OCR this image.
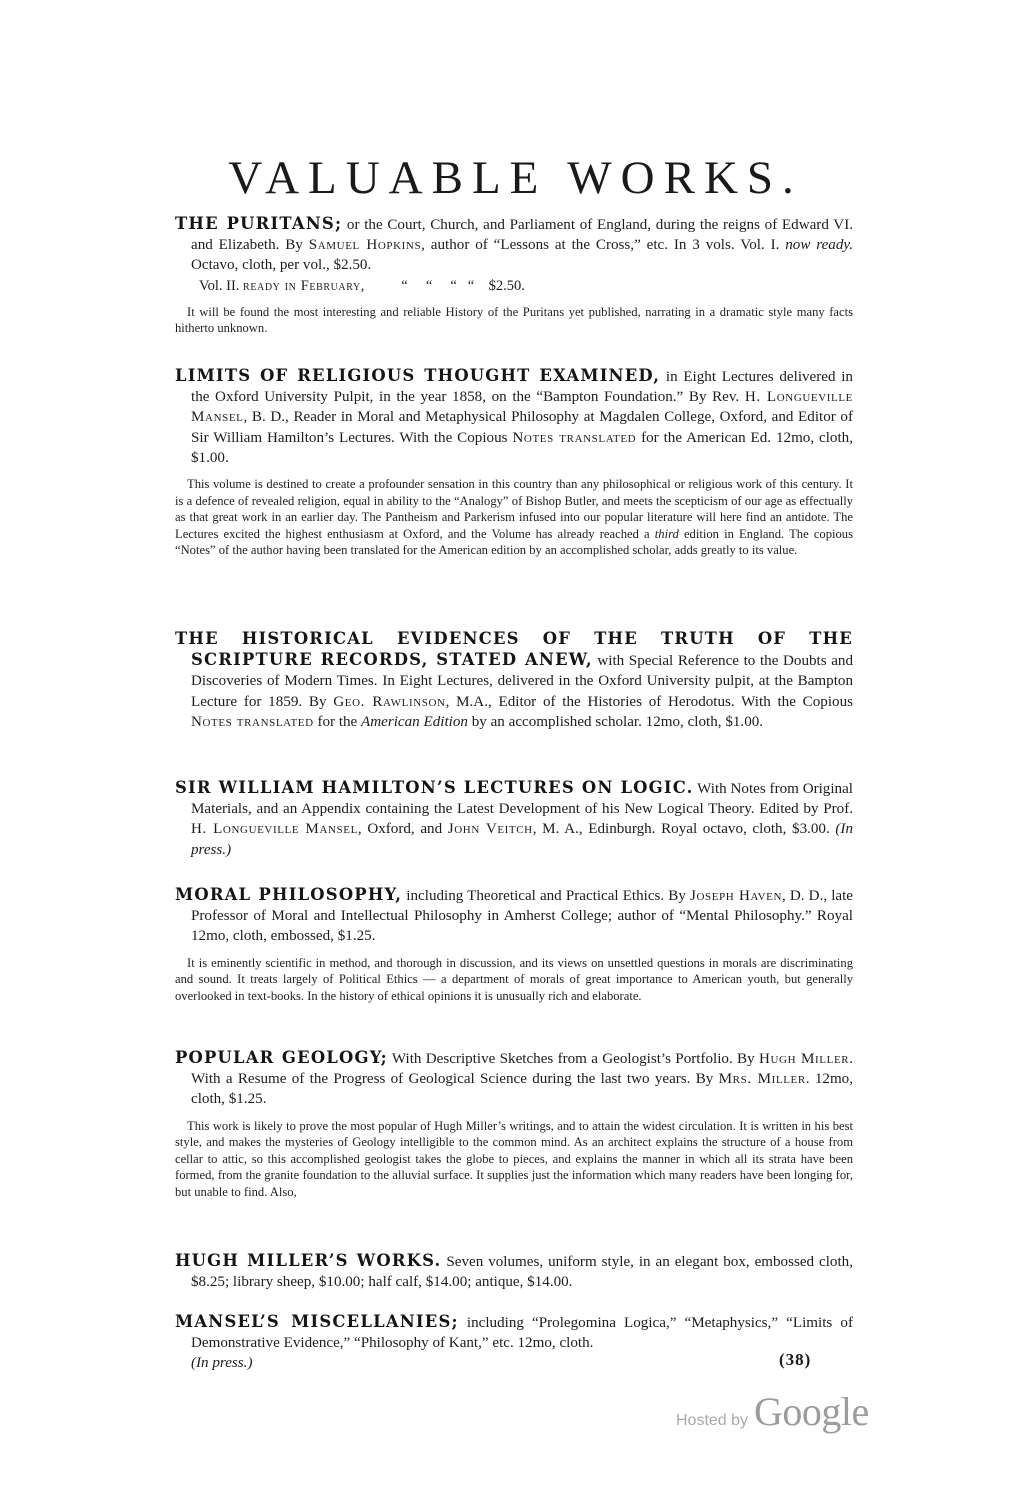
VALUABLE WORKS.

THE PURITANS; or the Court, Church, and Parliament of England, during the reigns of Edward VI. and Elizabeth. By Samuel Hopkins, author of “Lessons at the Cross,” etc. In 3 vols. Vol. I. now ready. Octavo, cloth, per vol., $2.50.

Vol. II. ready in February,          “     “     “   “    $2.50.

It will be found the most interesting and reliable History of the Puritans yet published, narrating in a dramatic style many facts hitherto unknown.

LIMITS OF RELIGIOUS THOUGHT EXAMINED, in Eight Lectures delivered in the Oxford University Pulpit, in the year 1858, on the “Bampton Foundation.” By Rev. H. Longueville Mansel, B. D., Reader in Moral and Metaphysical Philosophy at Magdalen College, Oxford, and Editor of Sir William Hamilton’s Lectures. With the Copious Notes translated for the American Ed. 12mo, cloth, $1.00.

This volume is destined to create a profounder sensation in this country than any philosophical or religious work of this century. It is a defence of revealed religion, equal in ability to the “Analogy” of Bishop Butler, and meets the scepticism of our age as effectually as that great work in an earlier day. The Pantheism and Parkerism infused into our popular literature will here find an antidote. The Lectures excited the highest enthusiasm at Oxford, and the Volume has already reached a third edition in England. The copious “Notes” of the author having been translated for the American edition by an accomplished scholar, adds greatly to its value.

THE HISTORICAL EVIDENCES OF THE TRUTH OF THE SCRIPTURE RECORDS, STATED ANEW, with Special Reference to the Doubts and Discoveries of Modern Times. In Eight Lectures, delivered in the Oxford University pulpit, at the Bampton Lecture for 1859. By Geo. Rawlinson, M.A., Editor of the Histories of Herodotus. With the Copious Notes translated for the American Edition by an accomplished scholar. 12mo, cloth, $1.00.

SIR WILLIAM HAMILTON’S LECTURES ON LOGIC. With Notes from Original Materials, and an Appendix containing the Latest Development of his New Logical Theory. Edited by Prof. H. Longueville Mansel, Oxford, and John Veitch, M. A., Edinburgh. Royal octavo, cloth, $3.00. (In press.)

MORAL PHILOSOPHY, including Theoretical and Practical Ethics. By Joseph Haven, D. D., late Professor of Moral and Intellectual Philosophy in Amherst College; author of “Mental Philosophy.” Royal 12mo, cloth, embossed, $1.25.

It is eminently scientific in method, and thorough in discussion, and its views on unsettled questions in morals are discriminating and sound. It treats largely of Political Ethics — a department of morals of great importance to American youth, but generally overlooked in text-books. In the history of ethical opinions it is unusually rich and elaborate.

POPULAR GEOLOGY; With Descriptive Sketches from a Geologist’s Portfolio. By Hugh Miller. With a Resume of the Progress of Geological Science during the last two years. By Mrs. Miller. 12mo, cloth, $1.25.

This work is likely to prove the most popular of Hugh Miller’s writings, and to attain the widest circulation. It is written in his best style, and makes the mysteries of Geology intelligible to the common mind. As an architect explains the structure of a house from cellar to attic, so this accomplished geologist takes the globe to pieces, and explains the manner in which all its strata have been formed, from the granite foundation to the alluvial surface. It supplies just the information which many readers have been longing for, but unable to find. Also,

HUGH MILLER’S WORKS. Seven volumes, uniform style, in an elegant box, embossed cloth, $8.25; library sheep, $10.00; half calf, $14.00; antique, $14.00.

MANSEL’S MISCELLANIES; including “Prolegomina Logica,” “Metaphysics,” “Limits of Demonstrative Evidence,” “Philosophy of Kant,” etc. 12mo, cloth.

(In press.)	(38)
Hosted by Google
